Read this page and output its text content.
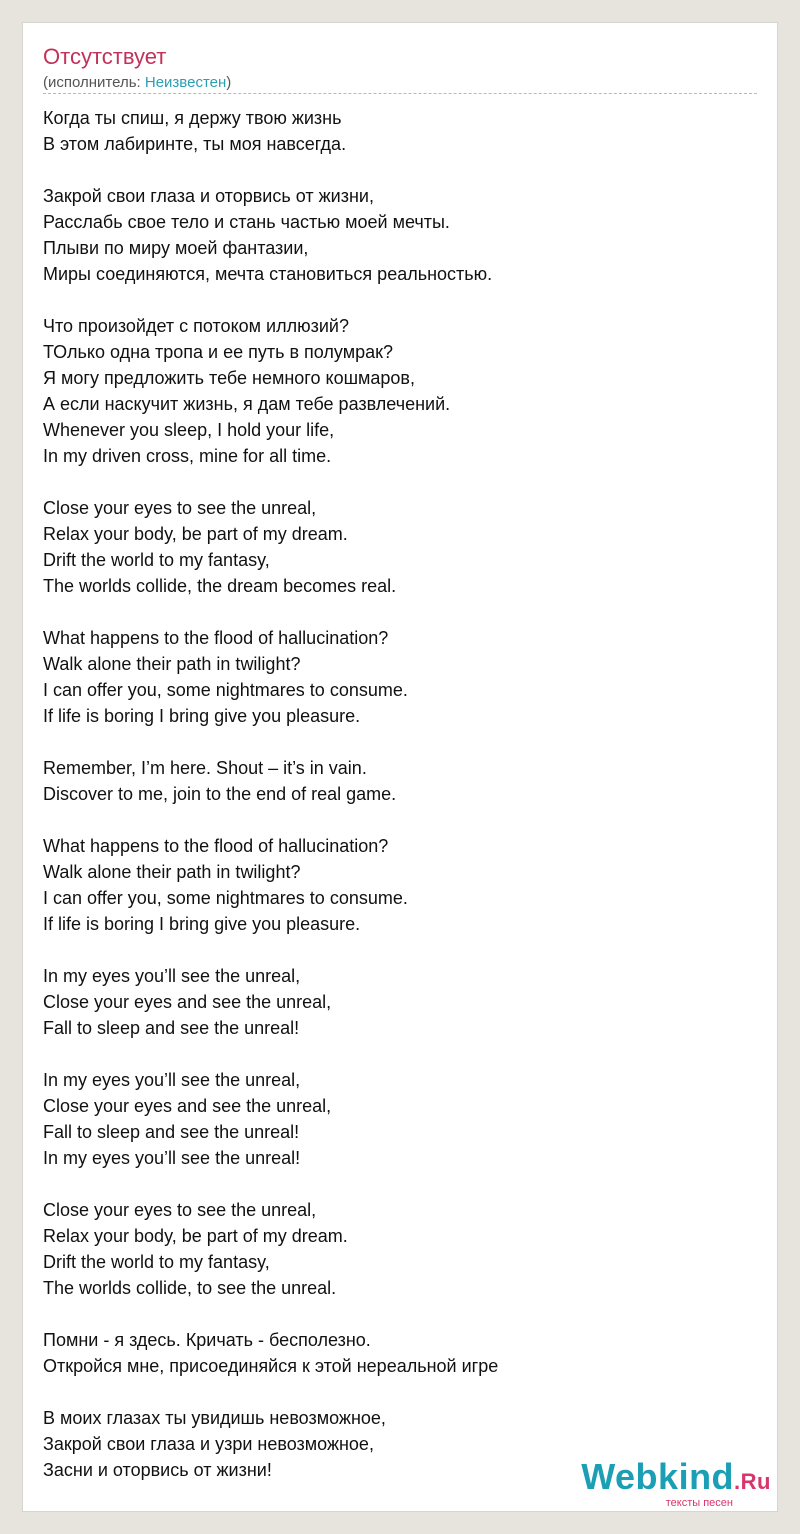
Отсутствует
(исполнитель: Неизвестен)
Когда ты спиш, я держу твою жизнь
В этом лабиринте, ты моя навсегда.
Закрой свои глаза и оторвись от жизни,
Расслабь свое тело и стань частью моей мечты.
Плыви по миру моей фантазии,
Миры соединяются, мечта становиться реальностью.
Что произойдет с потоком иллюзий?
ТОлько одна тропа и ее путь в полумрак?
Я могу предложить тебе немного кошмаров,
А если наскучит жизнь, я дам тебе развлечений.
Whenever you sleep, I hold your life,
In my driven cross, mine for all time.
Close your eyes to see the unreal,
Relax your body, be part of my dream.
Drift the world to my fantasy,
The worlds collide, the dream becomes real.
What happens to the flood of hallucination?
Walk alone their path in twilight?
I can offer you, some nightmares to consume.
If life is boring I bring give you pleasure.
Remember, I’m here. Shout – it’s in vain.
Discover to me, join to the end of real game.
What happens to the flood of hallucination?
Walk alone their path in twilight?
I can offer you, some nightmares to consume.
If life is boring I bring give you pleasure.
In my eyes you’ll see the unreal,
Close your eyes and see the unreal,
Fall to sleep and see the unreal!
In my eyes you’ll see the unreal,
Close your eyes and see the unreal,
Fall to sleep and see the unreal!
In my eyes you’ll see the unreal!
Close your eyes to see the unreal,
Relax your body, be part of my dream.
Drift the world to my fantasy,
The worlds collide, to see the unreal.
Помни - я здесь. Кричать - бесполезно.
Откройся мне, присоединяйся к этой нереальной игре
В моих глазах ты увидишь невозможное,
Закрой свои глаза и узри невозможное,
Засни и оторвись от жизни!	Webkind.Ru
тексты песен
